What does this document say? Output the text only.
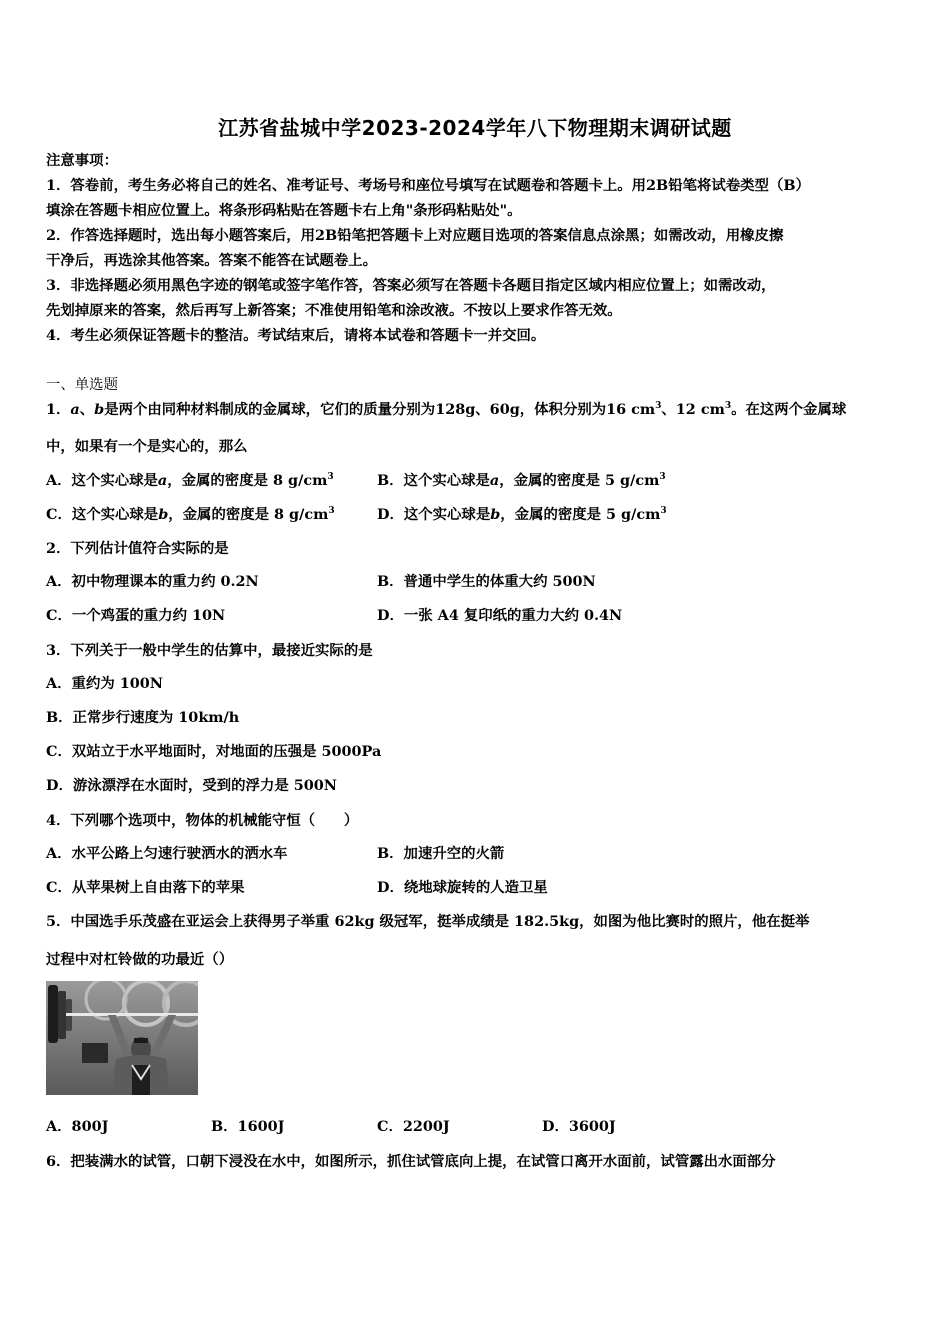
江苏省盐城中学2023-2024学年八下物理期末调研试题
注意事项：
1．答卷前，考生务必将自己的姓名、准考证号、考场号和座位号填写在试题卷和答题卡上。用2B铅笔将试卷类型（B）
填涂在答题卡相应位置上。将条形码粘贴在答题卡右上角"条形码粘贴处"。
2．作答选择题时，选出每小题答案后，用2B铅笔把答题卡上对应题目选项的答案信息点涂黑；如需改动，用橡皮擦
干净后，再选涂其他答案。答案不能答在试题卷上。
3．非选择题必须用黑色字迹的钢笔或签字笔作答，答案必须写在答题卡各题目指定区域内相应位置上；如需改动，
先划掉原来的答案，然后再写上新答案；不准使用铅笔和涂改液。不按以上要求作答无效。
4．考生必须保证答题卡的整洁。考试结束后，请将本试卷和答题卡一并交回。
一、单选题
1．a、b是两个由同种材料制成的金属球，它们的质量分别为128g、60g，体积分别为16 $cm^3$、12 $cm^3$。在这两个金属球
中，如果有一个是实心的，那么
A．这个实心球是a，金属的密度是 8 $g/cm^3$	B．这个实心球是a，金属的密度是 5 $g/cm^3$
C．这个实心球是b，金属的密度是 8 $g/cm^3$	D．这个实心球是b，金属的密度是 5 $g/cm^3$
2．下列估计值符合实际的是
A．初中物理课本的重力约 0.2N	B．普通中学生的体重大约 500N
C．一个鸡蛋的重力约 10N	D．一张 A4 复印纸的重力大约 0.4N
3．下列关于一般中学生的估算中，最接近实际的是
A．重约为 100N
B．正常步行速度为 10km/h
C．双站立于水平地面时，对地面的压强是 5000Pa
D．游泳漂浮在水面时，受到的浮力是 500N
4．下列哪个选项中，物体的机械能守恒（　　）
A．水平公路上匀速行驶洒水的洒水车	B．加速升空的火箭
C．从苹果树上自由落下的苹果	D．绕地球旋转的人造卫星
5．中国选手乐茂盛在亚运会上获得男子举重 62kg 级冠军，挺举成绩是 182.5kg，如图为他比赛时的照片，他在挺举
过程中对杠铃做的功最近（）
A．800J	B．1600J	C．2200J	D．3600J
6．把装满水的试管，口朝下浸没在水中，如图所示，抓住试管底向上提，在试管口离开水面前，试管露出水面部分
